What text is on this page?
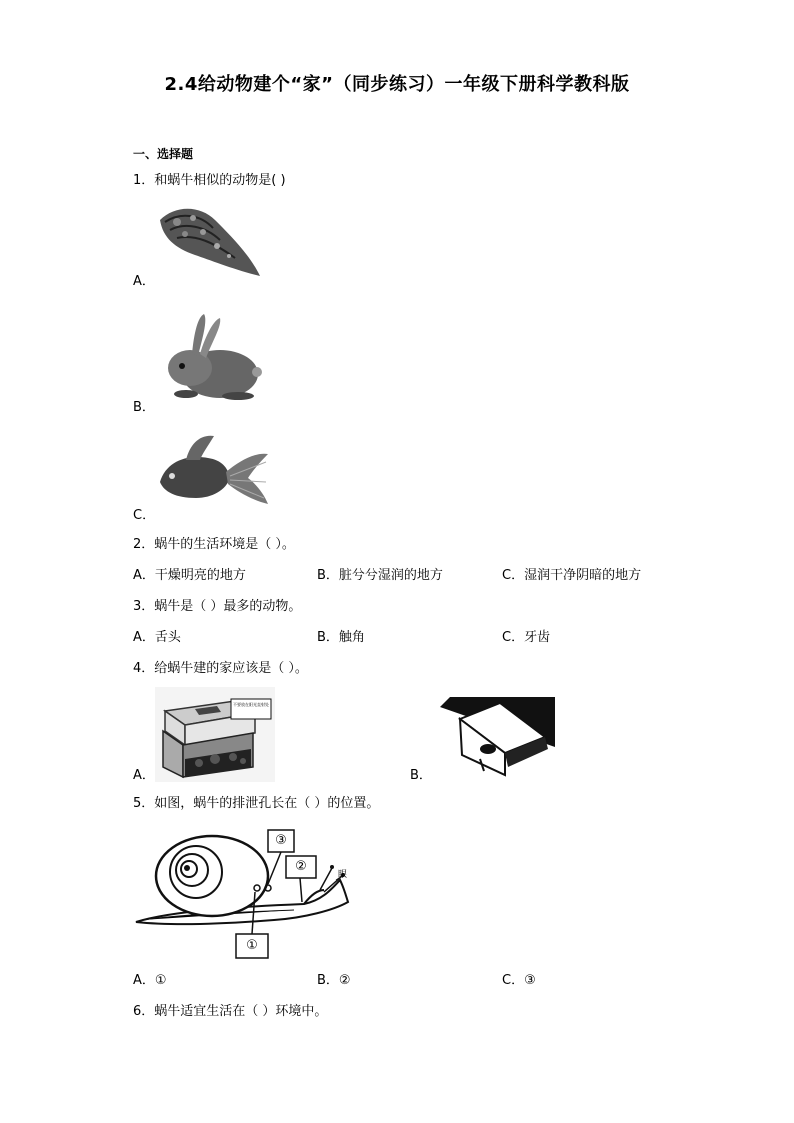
2.4给动物建个“家”（同步练习）一年级下册科学教科版
一、选择题
1．和蜗牛相似的动物是( )
A．
B．
C．
2．蜗牛的生活环境是（ ）。
A．干燥明亮的地方	B．脏兮兮湿润的地方	C．湿润干净阴暗的地方
3．蜗牛是（ ）最多的动物。
A．舌头	B．触角	C．牙齿
4．给蜗牛建的家应该是（ ）。
不要放在阳光直射处
A．	B．
5．如图，蜗牛的排泄孔长在（ ）的位置。
③
②
①
眼
A．①	B．②	C．③
6．蜗牛适宜生活在（ ）环境中。
